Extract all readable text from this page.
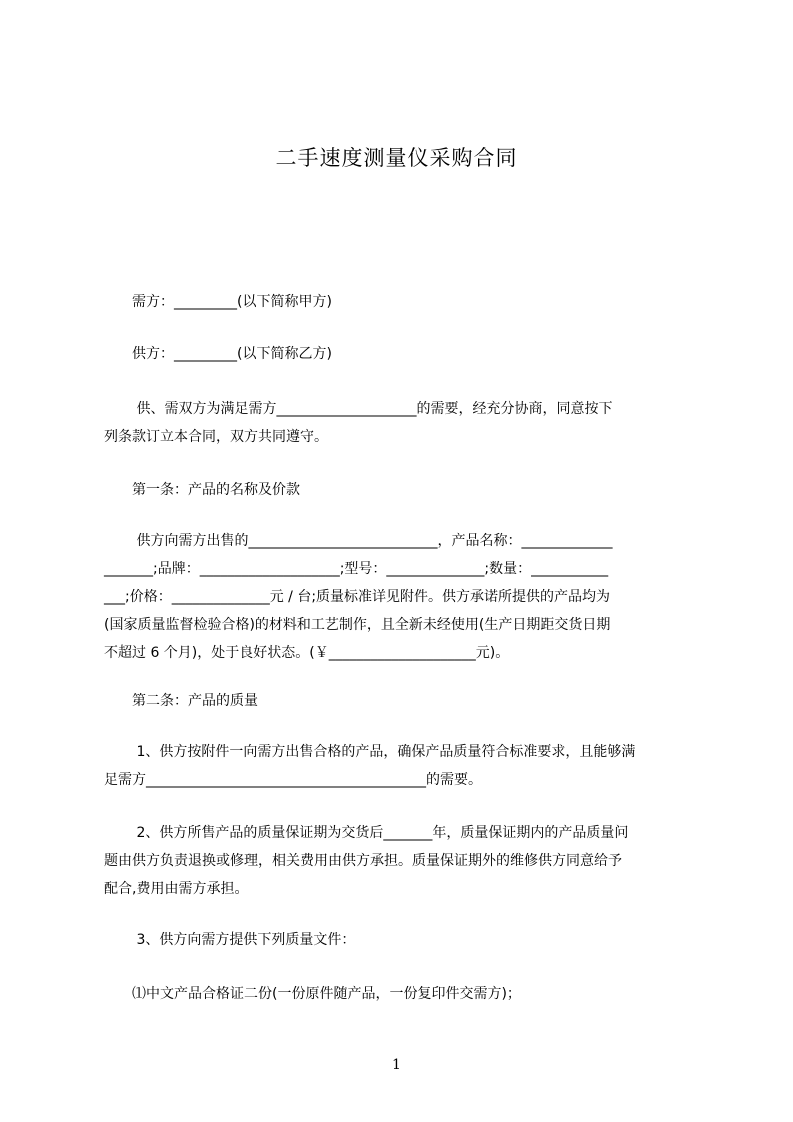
二手速度测量仪采购合同
　　需方：_________(以下简称甲方)
　　供方：_________(以下简称乙方)
　　 供、需双方为满足需方____________________的需要，经充分协商，同意按下
列条款订立本合同，双方共同遵守。
　　第一条：产品的名称及价款
　　 供方向需方出售的___________________________，产品名称：_____________
_______;品牌：____________________;型号：______________;数量：___________
___;价格：______________元 / 台;质量标准详见附件。供方承诺所提供的产品均为
(国家质量监督检验合格)的材料和工艺制作，且全新未经使用(生产日期距交货日期
不超过 6 个月)，处于良好状态。(￥_____________________元)。
　　第二条：产品的质量
　　 1、供方按附件一向需方出售合格的产品，确保产品质量符合标准要求，且能够满
足需方________________________________________的需要。
　　 2、供方所售产品的质量保证期为交货后_______年，质量保证期内的产品质量问
题由供方负责退换或修理，相关费用由供方承担。质量保证期外的维修供方同意给予
配合,费用由需方承担。
　　 3、供方向需方提供下列质量文件：
　　⑴中文产品合格证二份(一份原件随产品，一份复印件交需方)；
1
